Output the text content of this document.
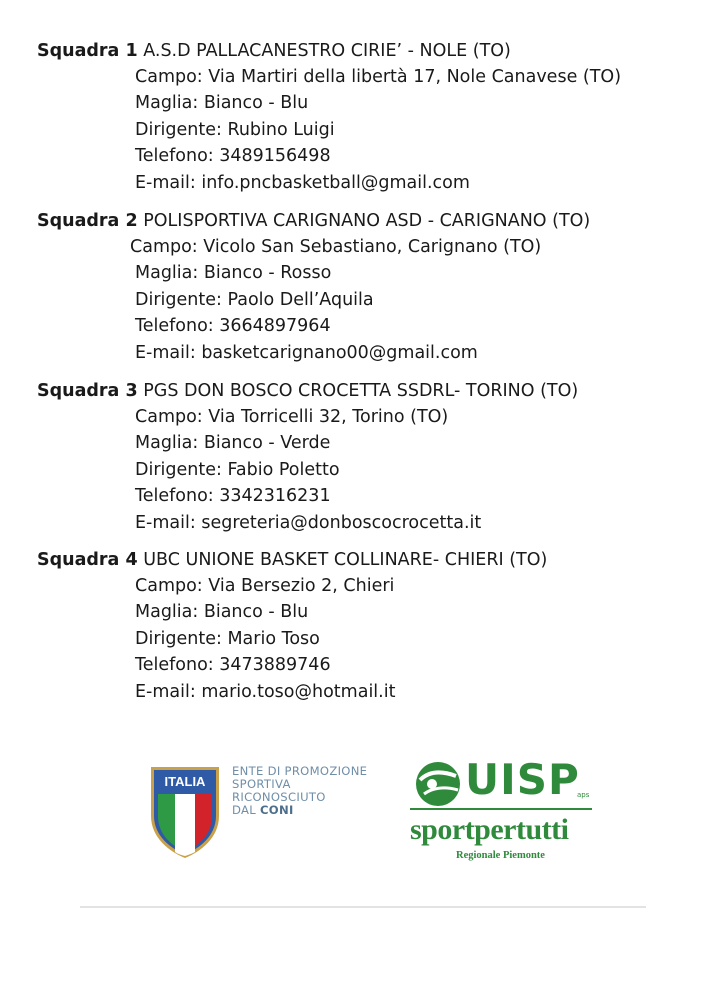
Squadra 1 A.S.D PALLACANESTRO CIRIE’ - NOLE (TO)
Campo: Via Martiri della libertà 17, Nole Canavese (TO)
Maglia: Bianco - Blu
Dirigente: Rubino Luigi
Telefono: 3489156498
E-mail: info.pncbasketball@gmail.com
Squadra 2 POLISPORTIVA CARIGNANO ASD - CARIGNANO (TO)
Campo: Vicolo San Sebastiano, Carignano (TO)
Maglia: Bianco - Rosso
Dirigente: Paolo Dell’Aquila
Telefono: 3664897964
E-mail: basketcarignano00@gmail.com
Squadra 3 PGS DON BOSCO CROCETTA SSDRL- TORINO (TO)
Campo: Via Torricelli 32, Torino (TO)
Maglia: Bianco - Verde
Dirigente: Fabio Poletto
Telefono: 3342316231
E-mail: segreteria@donboscocrocetta.it
Squadra 4 UBC UNIONE BASKET COLLINARE- CHIERI (TO)
Campo: Via Bersezio 2, Chieri
Maglia: Bianco - Blu
Dirigente: Mario Toso
Telefono: 3473889746
E-mail: mario.toso@hotmail.it
ITALIA
ENTE DI PROMOZIONE
SPORTIVA
RICONOSCIUTO
DAL CONI
UISP
aps
sportpertutti
Regionale Piemonte
